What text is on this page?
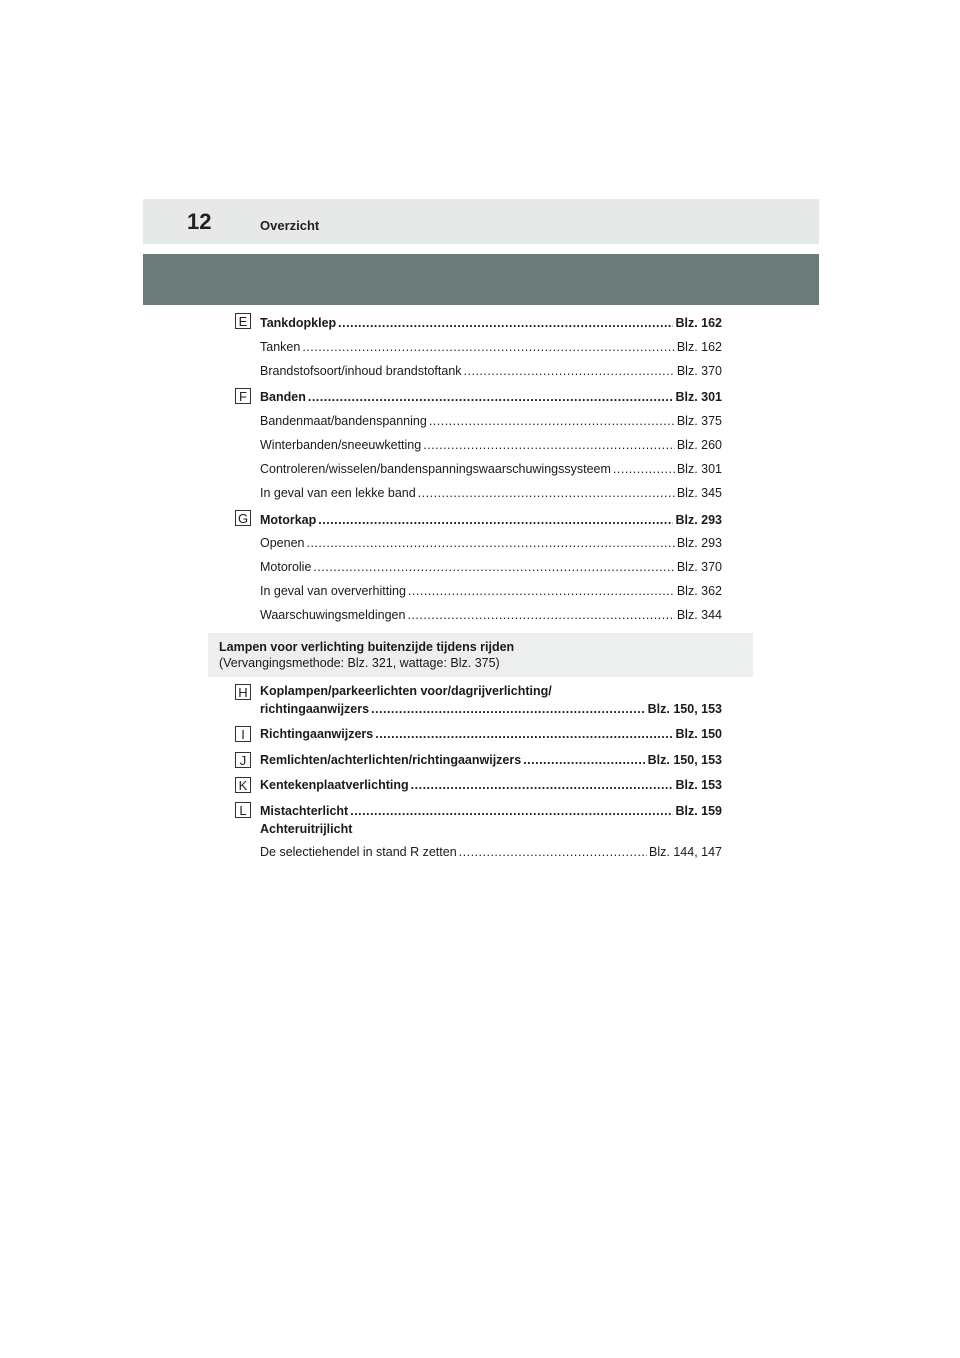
12	Overzicht
E Tankdopklep .....	Blz. 162
Tanken .....	Blz. 162
Brandstofsoort/inhoud brandstoftank .....	Blz. 370
F	Banden .....	Blz. 301
Bandenmaat/bandenspanning .....	Blz. 375
Winterbanden/sneeuwketting .....	Blz. 260
Controleren/wisselen/bandenspanningswaarschuwingssysteem .....	Blz. 301
In geval van een lekke band .....	Blz. 345
G Motorkap .....	Blz. 293
Openen .....	Blz. 293
Motorolie .....	Blz. 370
In geval van oververhitting .....	Blz. 362
Waarschuwingsmeldingen .....	Blz. 344
Lampen voor verlichting buitenzijde tijdens rijden
(Vervangingsmethode: Blz. 321, wattage: Blz. 375)
H Koplampen/parkeerlichten voor/dagrijverlichting/
richtingaanwijzers .....	Blz. 150, 153
I	Richtingaanwijzers .....	Blz. 150
J	Remlichten/achterlichten/richtingaanwijzers .....	Blz. 150, 153
K Kentekenplaatverlichting .....	Blz. 153
L	Mistachterlicht .....	Blz. 159
Achteruitrijlicht
De selectiehendel in stand R zetten .....	Blz. 144, 147
